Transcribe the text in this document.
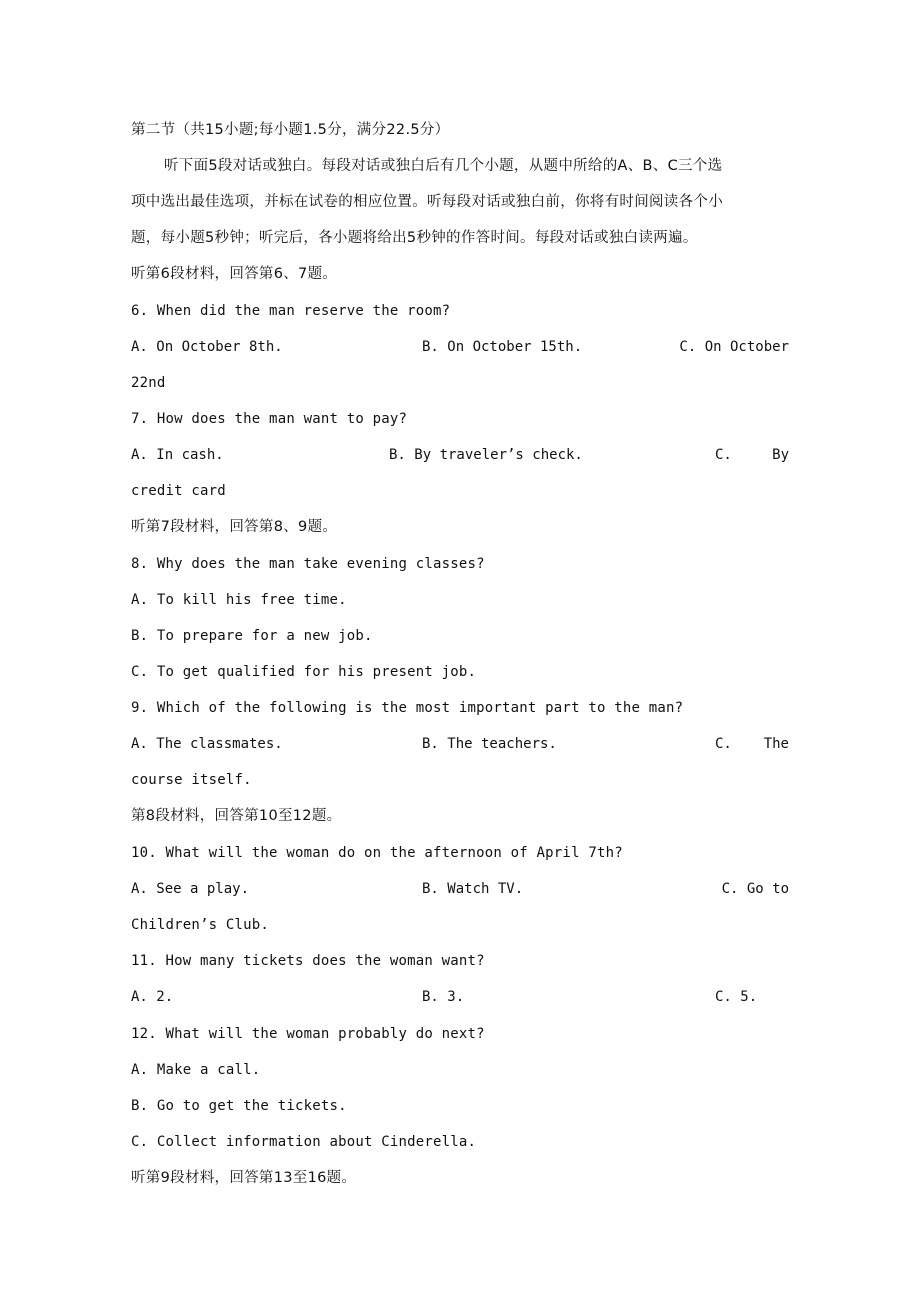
第二节（共15小题;每小题1.5分，满分22.5分）
听下面5段对话或独白。每段对话或独白后有几个小题，从题中所给的A、B、C三个选
项中选出最佳选项，并标在试卷的相应位置。听每段对话或独白前，你将有时间阅读各个小
题，每小题5秒钟；听完后，各小题将给出5秒钟的作答时间。每段对话或独白读两遍。
听第6段材料，回答第6、7题。
6. When did the man reserve the room?
A. On October 8th.	B. On October 15th.	C. On October
22nd
7. How does the man want to pay?
A. In cash.	B. By traveler’s check.	C.	By
credit card
听第7段材料，回答第8、9题。
8. Why does the man take evening classes?
A. To kill his free time.
B. To prepare for a new job.
C. To get qualified for his present job.
9. Which of the following is the most important part to the man?
A. The classmates.	B. The teachers.	C. The
course itself.
第8段材料，回答第10至12题。
10. What will the woman do on the afternoon of April 7th?
A. See a play.	B. Watch TV.	C. Go to
Children’s Club.
11. How many tickets does the woman want?
A. 2.	B. 3.	C. 5.
12. What will the woman probably do next?
A. Make a call.
B. Go to get the tickets.
C. Collect information about Cinderella.
听第9段材料，回答第13至16题。
